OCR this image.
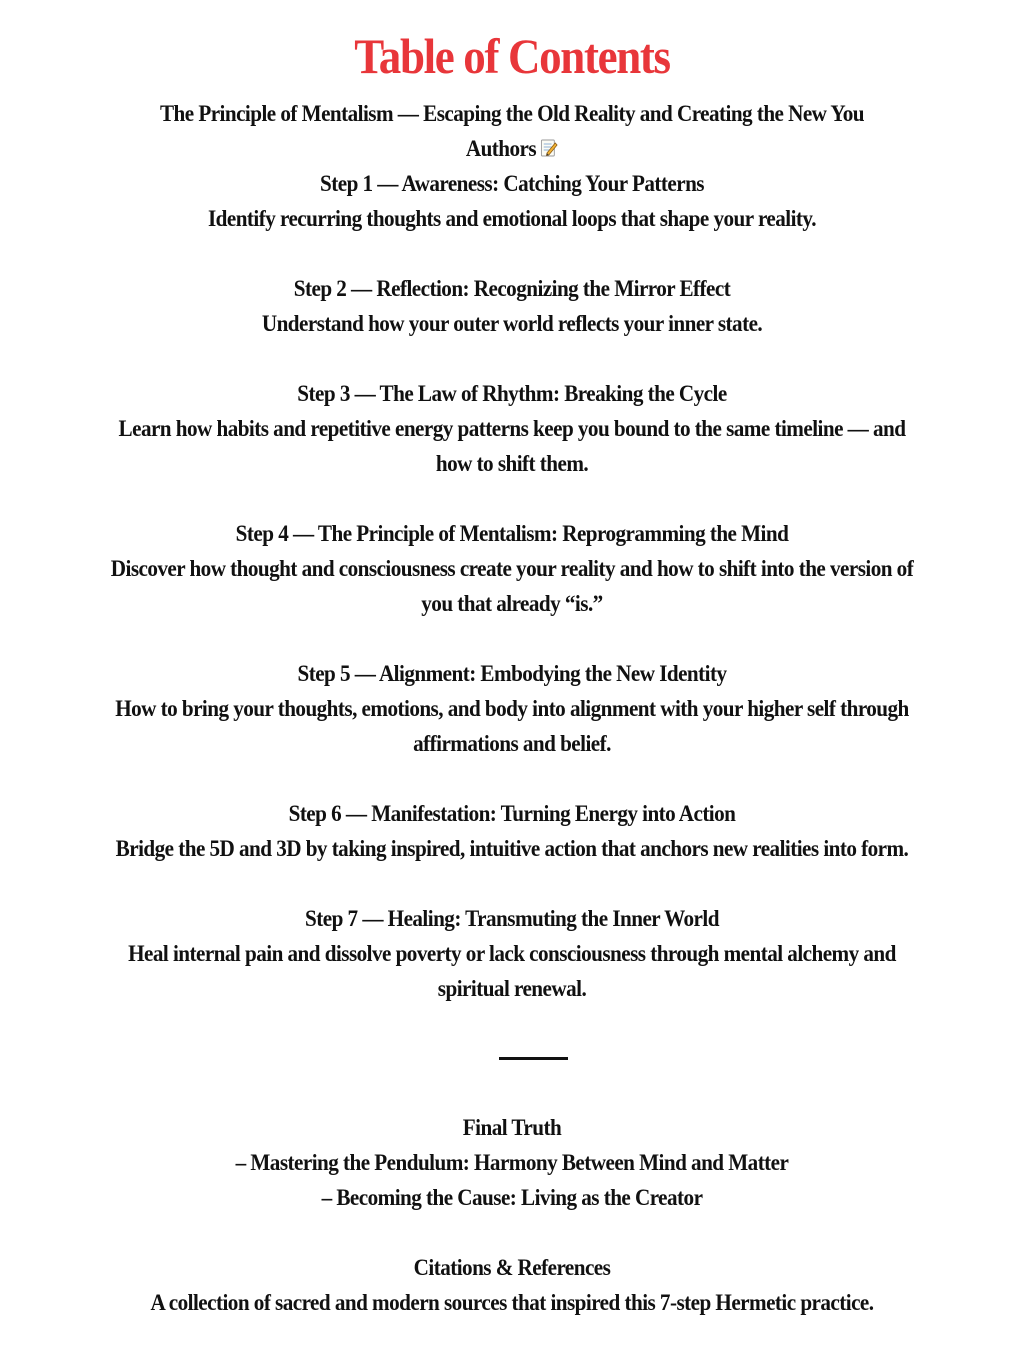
Table of Contents

The Principle of Mentalism — Escaping the Old Reality and Creating the New You

Authors

Step 1 — Awareness: Catching Your Patterns

Identify recurring thoughts and emotional loops that shape your reality.

Step 2 — Reflection: Recognizing the Mirror Effect

Understand how your outer world reflects your inner state.

Step 3 — The Law of Rhythm: Breaking the Cycle

Learn how habits and repetitive energy patterns keep you bound to the same timeline — and

how to shift them.

Step 4 — The Principle of Mentalism: Reprogramming the Mind

Discover how thought and consciousness create your reality and how to shift into the version of

you that already “is.”

Step 5 — Alignment: Embodying the New Identity

How to bring your thoughts, emotions, and body into alignment with your higher self through

affirmations and belief.

Step 6 — Manifestation: Turning Energy into Action

Bridge the 5D and 3D by taking inspired, intuitive action that anchors new realities into form.

Step 7 — Healing: Transmuting the Inner World

Heal internal pain and dissolve poverty or lack consciousness through mental alchemy and

spiritual renewal.

Final Truth

– Mastering the Pendulum: Harmony Between Mind and Matter

– Becoming the Cause: Living as the Creator

Citations & References

A collection of sacred and modern sources that inspired this 7-step Hermetic practice.
